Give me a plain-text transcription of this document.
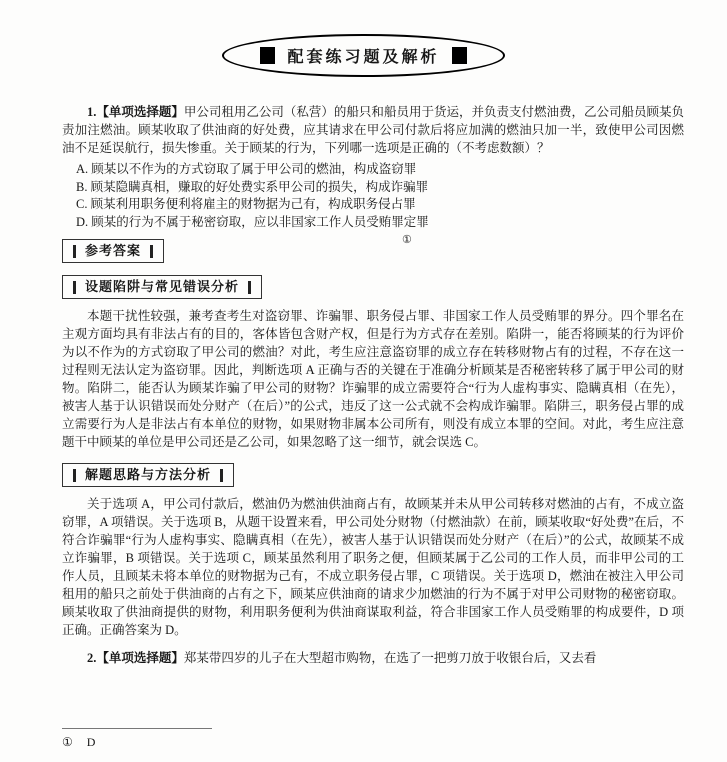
配套练习题及解析

1.【单项选择题】甲公司租用乙公司（私营）的船只和船员用于货运，并负责支付燃油费，乙公司船员顾某负责加注燃油。顾某收取了供油商的好处费，应其请求在甲公司付款后将应加满的燃油只加一半，致使甲公司因燃油不足延误航行，损失惨重。关于顾某的行为，下列哪一选项是正确的（不考虑数额）？

A. 顾某以不作为的方式窃取了属于甲公司的燃油，构成盗窃罪
B. 顾某隐瞒真相，赚取的好处费实系甲公司的损失，构成诈骗罪
C. 顾某利用职务便利将雇主的财物据为己有，构成职务侵占罪
D. 顾某的行为不属于秘密窃取，应以非国家工作人员受贿罪定罪
参考答案
①
设题陷阱与常见错误分析

本题干扰性较强，兼考查考生对盗窃罪、诈骗罪、职务侵占罪、非国家工作人员受贿罪的界分。四个罪名在主观方面均具有非法占有的目的，客体皆包含财产权，但是行为方式存在差别。陷阱一，能否将顾某的行为评价为以不作为的方式窃取了甲公司的燃油？对此，考生应注意盗窃罪的成立存在转移财物占有的过程，不存在这一过程则无法认定为盗窃罪。因此，判断选项 A 正确与否的关键在于准确分析顾某是否秘密转移了属于甲公司的财物。陷阱二，能否认为顾某诈骗了甲公司的财物？诈骗罪的成立需要符合“行为人虚构事实、隐瞒真相（在先），被害人基于认识错误而处分财产（在后）”的公式，违反了这一公式就不会构成诈骗罪。陷阱三，职务侵占罪的成立需要行为人是非法占有本单位的财物，如果财物非属本公司所有，则没有成立本罪的空间。对此，考生应注意题干中顾某的单位是甲公司还是乙公司，如果忽略了这一细节，就会误选 C。

解题思路与方法分析

关于选项 A，甲公司付款后，燃油仍为燃油供油商占有，故顾某并未从甲公司转移对燃油的占有，不成立盗窃罪，A 项错误。关于选项 B，从题干设置来看，甲公司处分财物（付燃油款）在前，顾某收取“好处费”在后，不符合诈骗罪“行为人虚构事实、隐瞒真相（在先），被害人基于认识错误而处分财产（在后）”的公式，故顾某不成立诈骗罪，B 项错误。关于选项 C，顾某虽然利用了职务之便，但顾某属于乙公司的工作人员，而非甲公司的工作人员，且顾某未将本单位的财物据为己有，不成立职务侵占罪，C 项错误。关于选项 D，燃油在被注入甲公司租用的船只之前处于供油商的占有之下，顾某应供油商的请求少加燃油的行为不属于对甲公司财物的秘密窃取。顾某收取了供油商提供的财物，利用职务便利为供油商谋取利益，符合非国家工作人员受贿罪的构成要件，D 项正确。正确答案为 D。

2.【单项选择题】郑某带四岁的儿子在大型超市购物，在选了一把剪刀放于收银台后，又去看

① D
